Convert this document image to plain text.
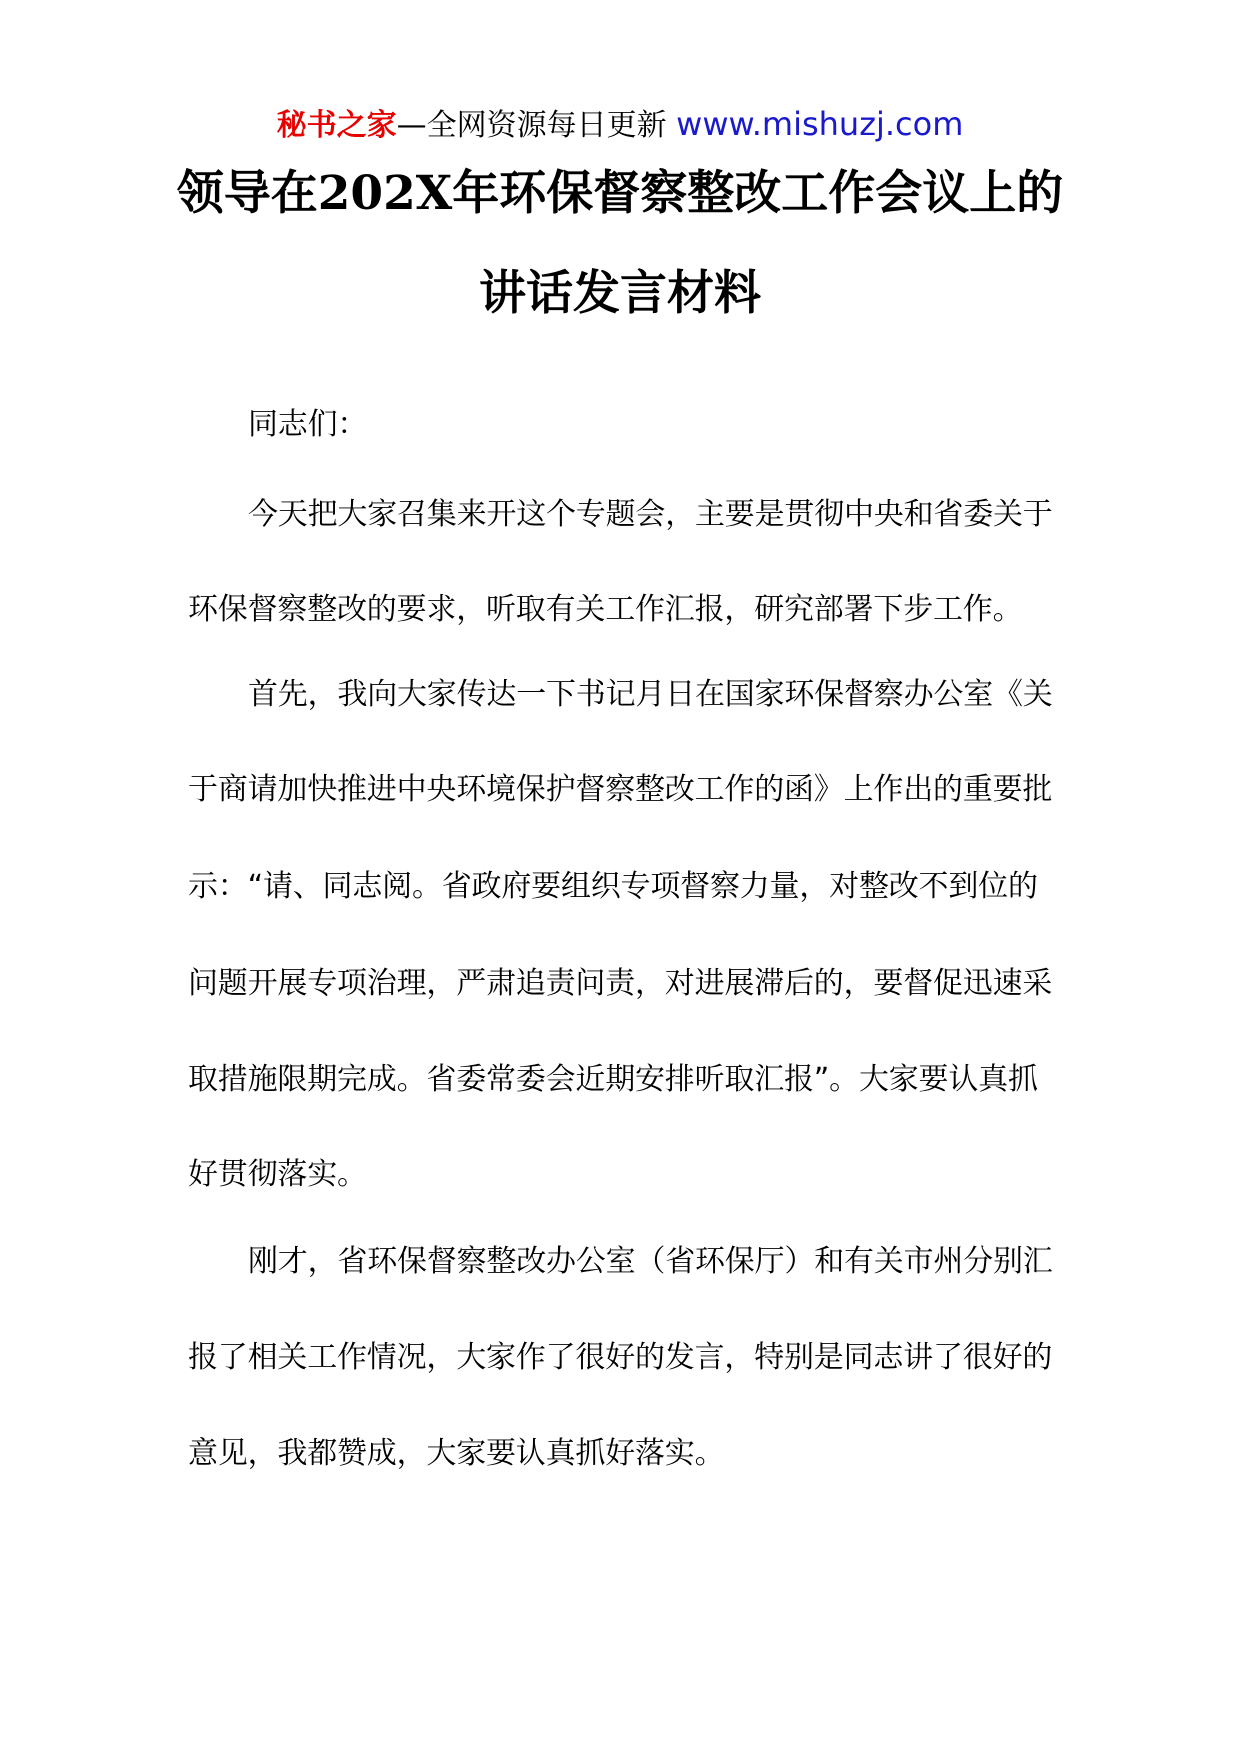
秘书之家—全网资源每日更新 www.mishuzj.com
领导在202X年环保督察整改工作会议上的
讲话发言材料
同志们：
今天把大家召集来开这个专题会，主要是贯彻中央和省委关于
环保督察整改的要求，听取有关工作汇报，研究部署下步工作。
首先，我向大家传达一下书记月日在国家环保督察办公室《关
于商请加快推进中央环境保护督察整改工作的函》上作出的重要批
示：“请、同志阅。省政府要组织专项督察力量，对整改不到位的
问题开展专项治理，严肃追责问责，对进展滞后的，要督促迅速采
取措施限期完成。省委常委会近期安排听取汇报”。大家要认真抓
好贯彻落实。
刚才，省环保督察整改办公室（省环保厅）和有关市州分别汇
报了相关工作情况，大家作了很好的发言，特别是同志讲了很好的
意见，我都赞成，大家要认真抓好落实。
